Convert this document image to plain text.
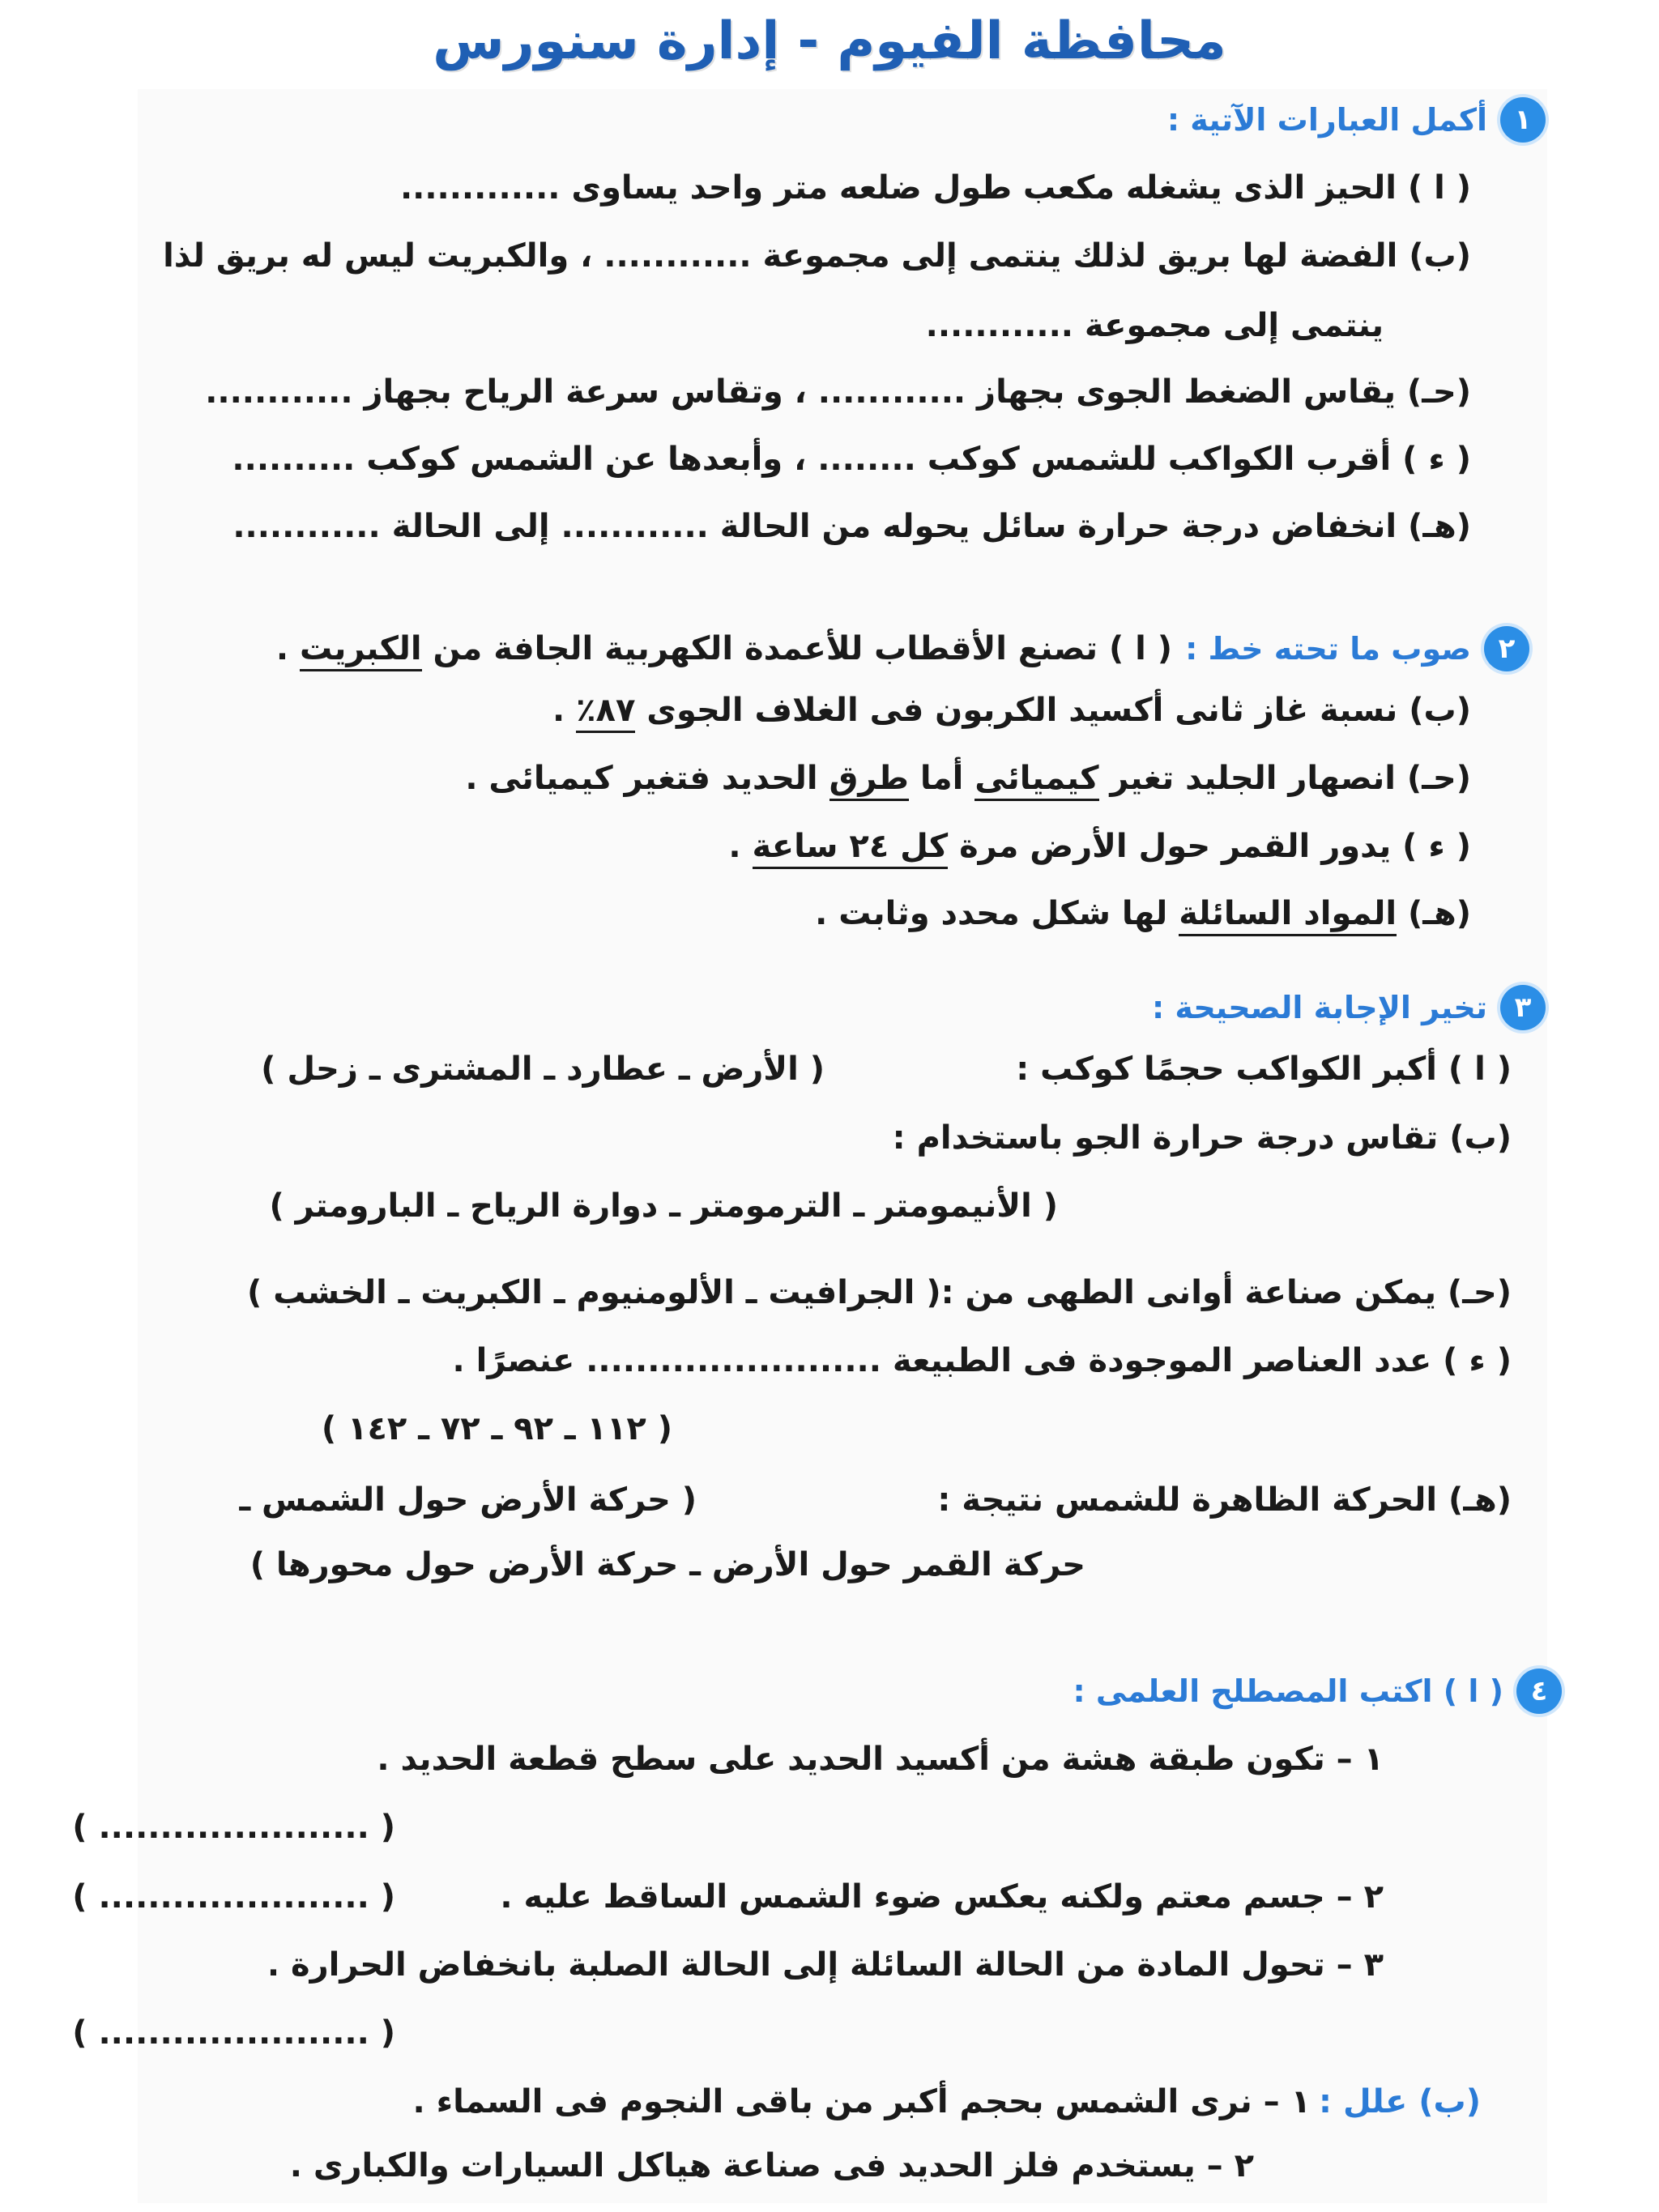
محافظة الفيوم - إدارة سنورس
١
أكمل العبارات الآتية :
( ا ) الحيز الذى يشغله مكعب طول ضلعه متر واحد يساوى .............
(ب) الفضة لها بريق لذلك ينتمى إلى مجموعة ............ ، والكبريت ليس له بريق لذا
ينتمى إلى مجموعة ............
(حـ) يقاس الضغط الجوى بجهاز ............ ، وتقاس سرعة الرياح بجهاز ............
( ء ) أقرب الكواكب للشمس كوكب ........ ، وأبعدها عن الشمس كوكب ..........
(هـ) انخفاض درجة حرارة سائل يحوله من الحالة ............ إلى الحالة ............
٢
صوب ما تحته خط :
( ا ) تصنع الأقطاب للأعمدة الكهربية الجافة من الكبريت .
(ب) نسبة غاز ثانى أكسيد الكربون فى الغلاف الجوى ٨٧٪ .
(حـ) انصهار الجليد تغير كيميائى أما طرق الحديد فتغير كيميائى .
( ء ) يدور القمر حول الأرض مرة كل ٢٤ ساعة .
(هـ) المواد السائلة لها شكل محدد وثابت .
٣
تخير الإجابة الصحيحة :
( ا ) أكبر الكواكب حجمًا كوكب :
( الأرض ـ عطارد ـ المشترى ـ زحل )
(ب) تقاس درجة حرارة الجو باستخدام :
( الأنيمومتر ـ الترمومتر ـ دوارة الرياح ـ البارومتر )
(حـ) يمكن صناعة أوانى الطهى من :( الجرافيت ـ الألومنيوم ـ الكبريت ـ الخشب )
( ء ) عدد العناصر الموجودة فى الطبيعة ........................ عنصرًا .
( ١١٢ ـ ٩٢ ـ ٧٢ ـ ١٤٢ )
(هـ) الحركة الظاهرة للشمس نتيجة :
( حركة الأرض حول الشمس ـ
حركة القمر حول الأرض ـ حركة الأرض حول محورها )
٤
( ا ) اكتب المصطلح العلمى :
١ – تكون طبقة هشة من أكسيد الحديد على سطح قطعة الحديد .
( ...................... )
٢ – جسم معتم ولكنه يعكس ضوء الشمس الساقط عليه .
( ...................... )
٣ – تحول المادة من الحالة السائلة إلى الحالة الصلبة بانخفاض الحرارة .
( ...................... )
(ب) علل :١ – نرى الشمس بحجم أكبر من باقى النجوم فى السماء .
٢ – يستخدم فلز الحديد فى صناعة هياكل السيارات والكبارى .
